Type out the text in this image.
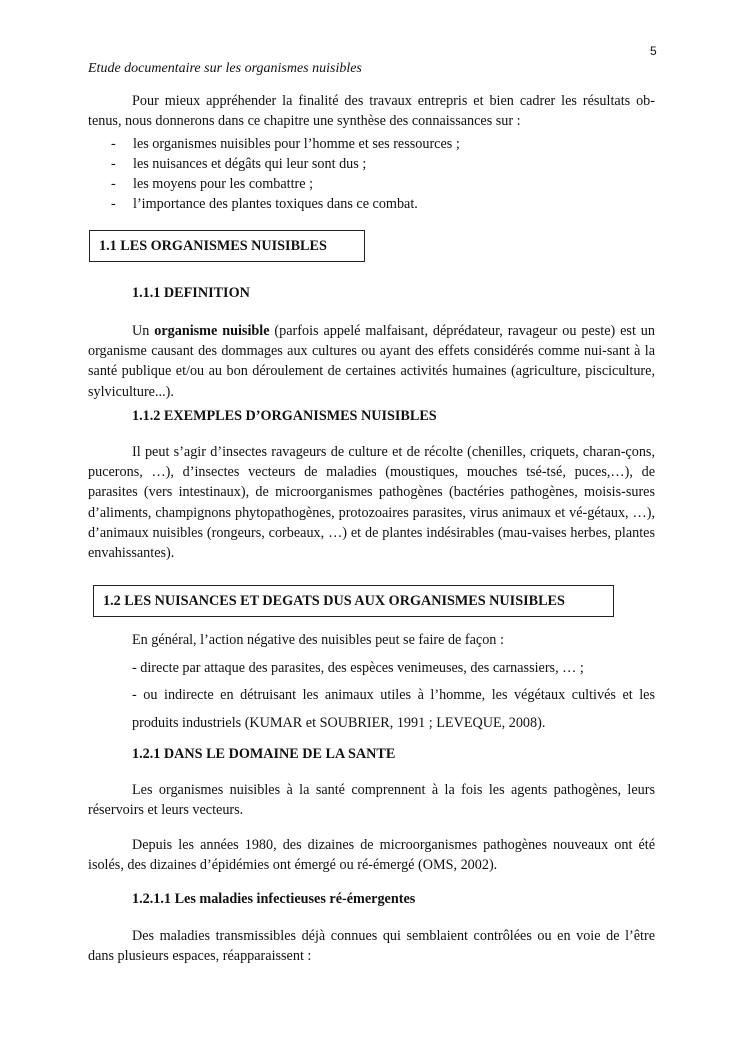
5
Etude documentaire sur les organismes nuisibles

Pour mieux appréhender la finalité des travaux entrepris et bien cadrer les résultats ob-tenus, nous donnerons dans ce chapitre une synthèse des connaissances sur :

- les organismes nuisibles pour l’homme et ses ressources ;
- les nuisances et dégâts qui leur sont dus ;
- les moyens pour les combattre ;
- l’importance des plantes toxiques dans ce combat.
1.1 LES ORGANISMES NUISIBLES
1.1.1 DEFINITION

Un organisme nuisible (parfois appelé malfaisant, déprédateur, ravageur ou peste) est un organisme causant des dommages aux cultures ou ayant des effets considérés comme nui-sant à la santé publique et/ou au bon déroulement de certaines activités humaines (agriculture, pisciculture, sylviculture...).

1.1.2 EXEMPLES D’ORGANISMES NUISIBLES

Il peut s’agir d’insectes ravageurs de culture et de récolte (chenilles, criquets, charan-çons, pucerons, …), d’insectes vecteurs de maladies (moustiques, mouches tsé-tsé, puces,…), de parasites (vers intestinaux), de microorganismes pathogènes (bactéries pathogènes, moisis-sures d’aliments, champignons phytopathogènes, protozoaires parasites, virus animaux et vé-gétaux, …), d’animaux nuisibles (rongeurs, corbeaux, …) et de plantes indésirables (mau-vaises herbes, plantes envahissantes).

1.2 LES NUISANCES ET DEGATS DUS AUX ORGANISMES NUISIBLES

En général, l’action négative des nuisibles peut se faire de façon :

- directe par attaque des parasites, des espèces venimeuses, des carnassiers, … ;

- ou indirecte en détruisant les animaux utiles à l’homme, les végétaux cultivés et les

produits industriels (KUMAR et SOUBRIER, 1991 ; LEVEQUE, 2008).

1.2.1 DANS LE DOMAINE DE LA SANTE

Les organismes nuisibles à la santé comprennent à la fois les agents pathogènes, leurs réservoirs et leurs vecteurs.

Depuis les années 1980, des dizaines de microorganismes pathogènes nouveaux ont été isolés, des dizaines d’épidémies ont émergé ou ré-émergé (OMS, 2002).

1.2.1.1 Les maladies infectieuses ré-émergentes

Des maladies transmissibles déjà connues qui semblaient contrôlées ou en voie de l’être dans plusieurs espaces, réapparaissent :
